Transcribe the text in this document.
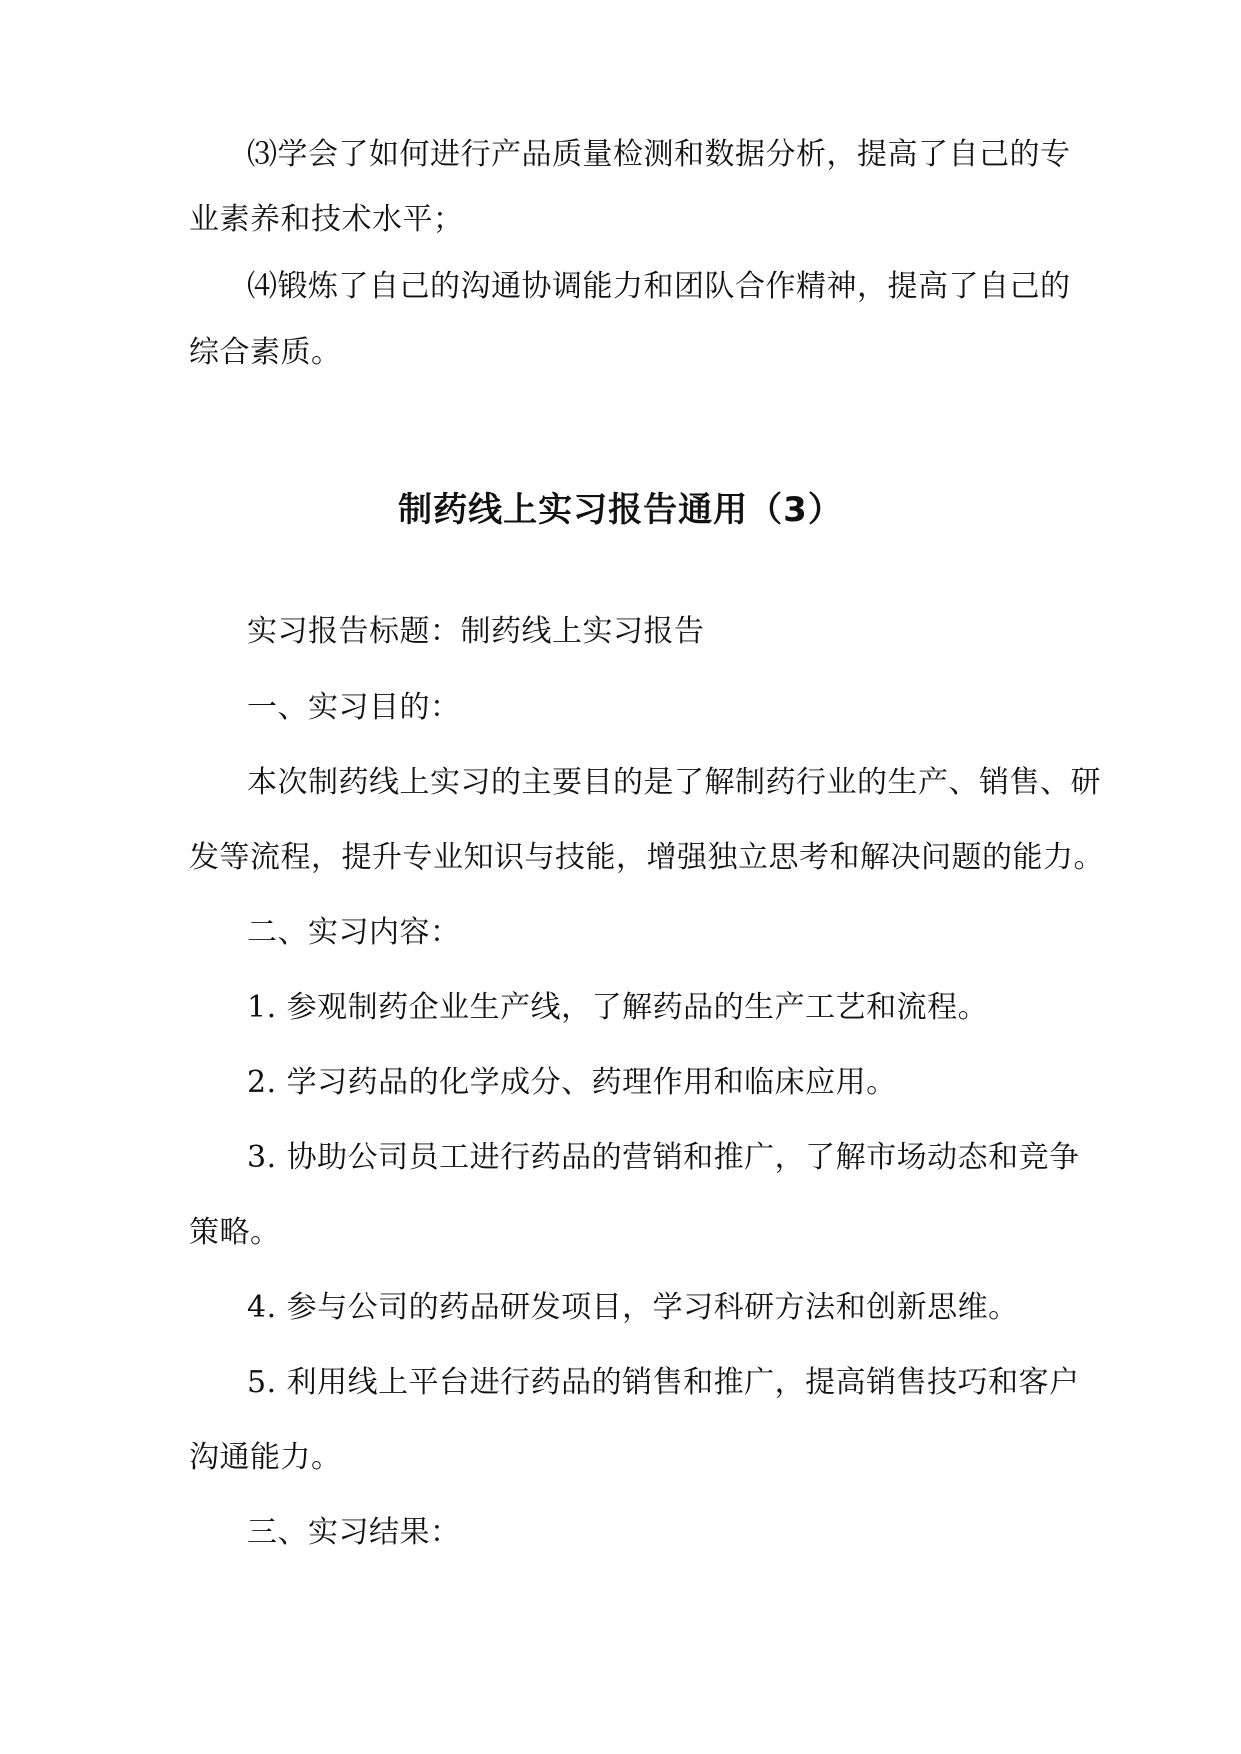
⑶学会了如何进行产品质量检测和数据分析，提高了自己的专
业素养和技术水平；
⑷锻炼了自己的沟通协调能力和团队合作精神，提高了自己的
综合素质。
制药线上实习报告通用（3）
实习报告标题：制药线上实习报告
一、实习目的：
本次制药线上实习的主要目的是了解制药行业的生产、销售、研
发等流程，提升专业知识与技能，增强独立思考和解决问题的能力。
二、实习内容：
1. 参观制药企业生产线，了解药品的生产工艺和流程。
2. 学习药品的化学成分、药理作用和临床应用。
3. 协助公司员工进行药品的营销和推广，了解市场动态和竞争
策略。
4. 参与公司的药品研发项目，学习科研方法和创新思维。
5. 利用线上平台进行药品的销售和推广，提高销售技巧和客户
沟通能力。
三、实习结果：
